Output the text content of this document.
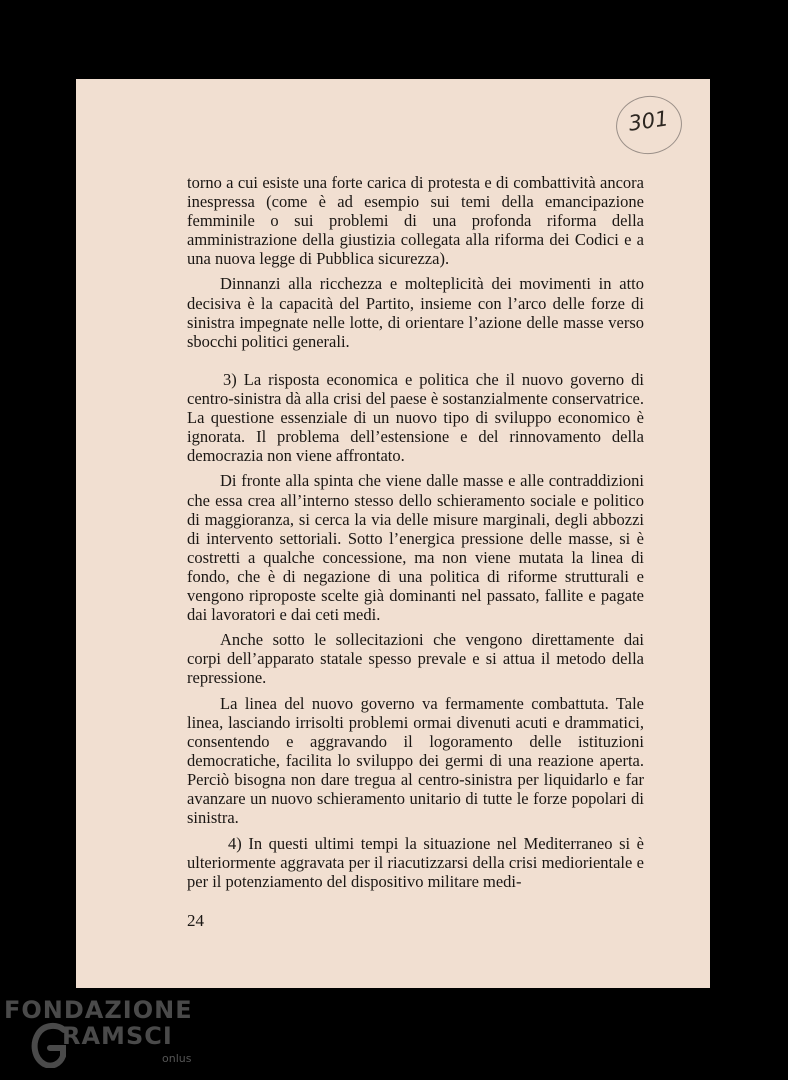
301

torno a cui esiste una forte carica di protesta e di combattività ancora inespressa (come è ad esempio sui temi della emancipazione femminile o sui problemi di una profonda riforma della amministrazione della giustizia collegata alla riforma dei Codici e a una nuova legge di Pubblica sicurezza).

Dinnanzi alla ricchezza e molteplicità dei movimenti in atto decisiva è la capacità del Partito, insieme con l’arco delle forze di sinistra impegnate nelle lotte, di orientare l’azione delle masse verso sbocchi politici generali.

3) La risposta economica e politica che il nuovo governo di centro-sinistra dà alla crisi del paese è sostanzialmente conservatrice. La questione essenziale di un nuovo tipo di sviluppo economico è ignorata. Il problema dell’estensione e del rinnovamento della democrazia non viene affrontato.

Di fronte alla spinta che viene dalle masse e alle contraddizioni che essa crea all’interno stesso dello schieramento sociale e politico di maggioranza, si cerca la via delle misure marginali, degli abbozzi di intervento settoriali. Sotto l’energica pressione delle masse, si è costretti a qualche concessione, ma non viene mutata la linea di fondo, che è di negazione di una politica di riforme strutturali e vengono riproposte scelte già dominanti nel passato, fallite e pagate dai lavoratori e dai ceti medi.

Anche sotto le sollecitazioni che vengono direttamente dai corpi dell’apparato statale spesso prevale e si attua il metodo della repressione.

La linea del nuovo governo va fermamente combattuta. Tale linea, lasciando irrisolti problemi ormai divenuti acuti e drammatici, consentendo e aggravando il logoramento delle istituzioni democratiche, facilita lo sviluppo dei germi di una reazione aperta. Perciò bisogna non dare tregua al centro-sinistra per liquidarlo e far avanzare un nuovo schieramento unitario di tutte le forze popolari di sinistra.

4) In questi ultimi tempi la situazione nel Mediterraneo si è ulteriormente aggravata per il riacutizzarsi della crisi mediorientale e per il potenziamento del dispositivo militare medi-

24
FONDAZIONE
RAMSCI
onlus
